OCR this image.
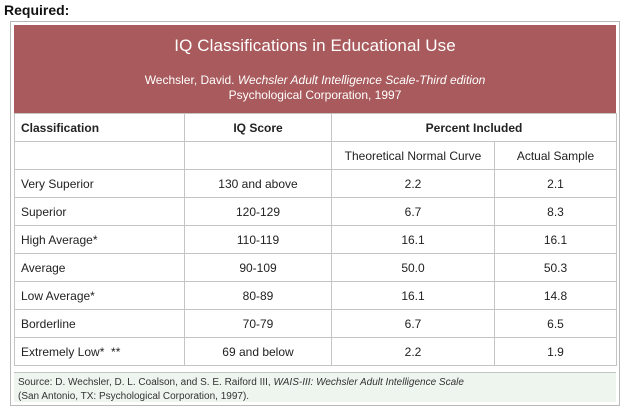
Required:
IQ Classifications in Educational Use
Wechsler, David. Wechsler Adult Intelligence Scale-Third edition
Psychological Corporation, 1997
Classification	IQ Score	Percent Included	
		Theoretical Normal Curve	Actual Sample
Very Superior	130 and above	2.2	2.1
Superior	120-129	6.7	8.3
High Average*	110-119	16.1	16.1
Average	90-109	50.0	50.3
Low Average*	80-89	16.1	14.8
Borderline	70-79	6.7	6.5
Extremely Low*  **	69 and below	2.2	1.9
Source: D. Wechsler, D. L. Coalson, and S. E. Raiford III, WAIS-III: Wechsler Adult Intelligence Scale
(San Antonio, TX: Psychological Corporation, 1997).
